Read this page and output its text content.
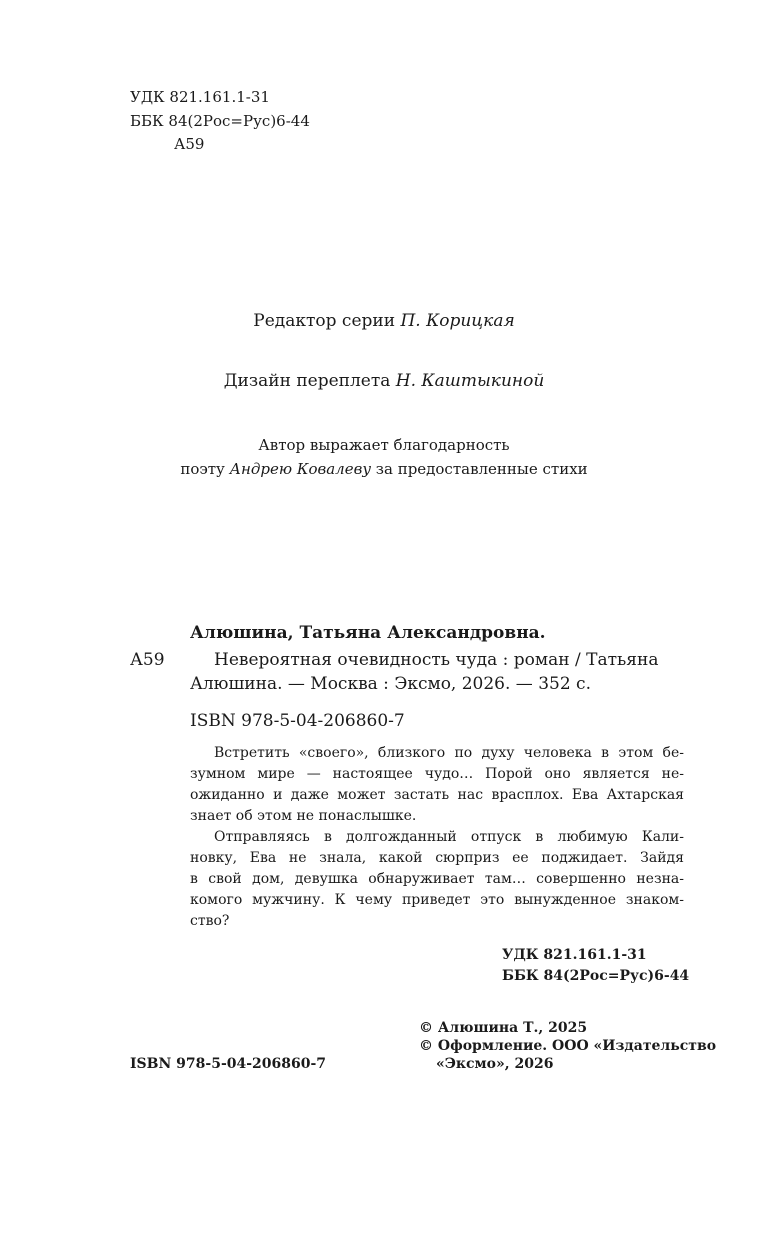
УДК 821.161.1-31
ББК 84(2Рос=Рус)6-44
А59
Редактор серии П. Корицкая
Дизайн переплета Н. Каштыкиной
Автор выражает благодарность
поэту Андрею Ковалеву за предоставленные стихи
Алюшина, Татьяна Александровна.
А59	Невероятная очевидность чуда : роман / Татьяна
Алюшина. — Москва : Эксмо, 2026. — 352 с.
ISBN 978-5-04-206860-7
Встретить «своего», близкого по духу человека в этом бе-
зумном мире — настоящее чудо… Порой оно является не-
ожиданно и даже может застать нас врасплох. Ева Ахтарская
знает об этом не понаслышке.
Отправляясь в долгожданный отпуск в любимую Кали-
новку, Ева не знала, какой сюрприз ее поджидает. Зайдя
в свой дом, девушка обнаруживает там… совершенно незна-
комого мужчину. К чему приведет это вынужденное знаком-
ство?
УДК 821.161.1-31
ББК 84(2Рос=Рус)6-44
© Алюшина Т., 2025
© Оформление. ООО «Издательство
«Эксмо», 2026
ISBN 978-5-04-206860-7
